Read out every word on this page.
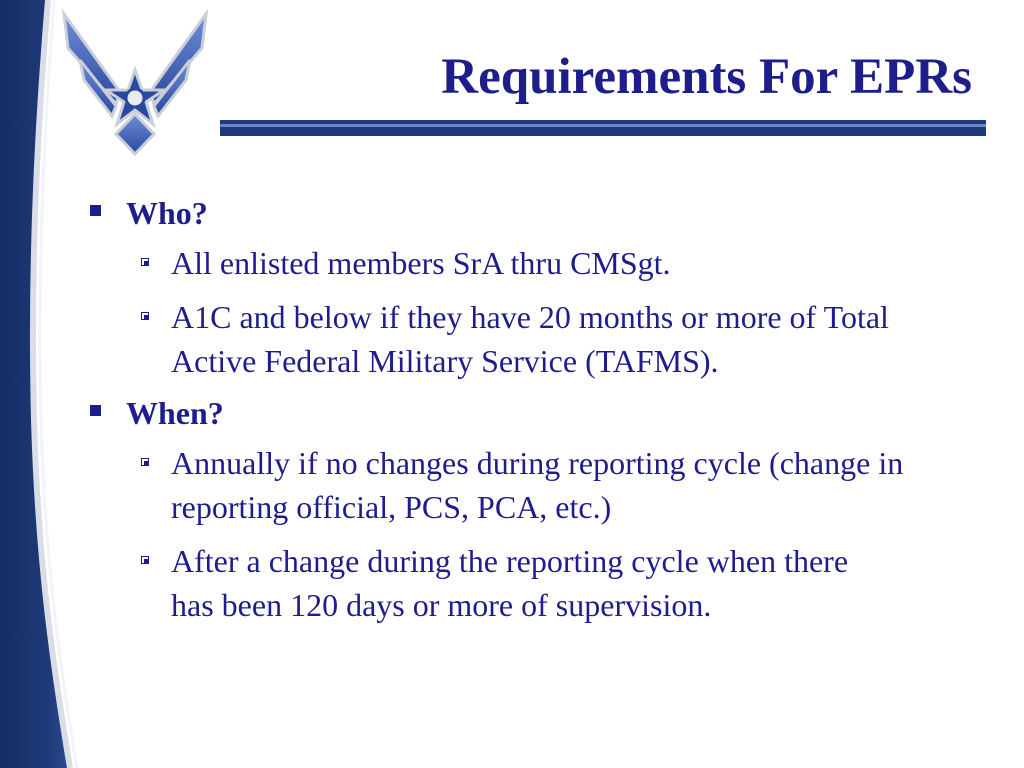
Requirements For EPRs
Who?
All enlisted members SrA thru CMSgt.
A1C and below if they have 20 months or more of Total Active Federal Military Service (TAFMS).
When?
Annually if no changes during reporting cycle (change in reporting official, PCS, PCA, etc.)
After a change during the reporting cycle when there has been 120 days or more of supervision.
